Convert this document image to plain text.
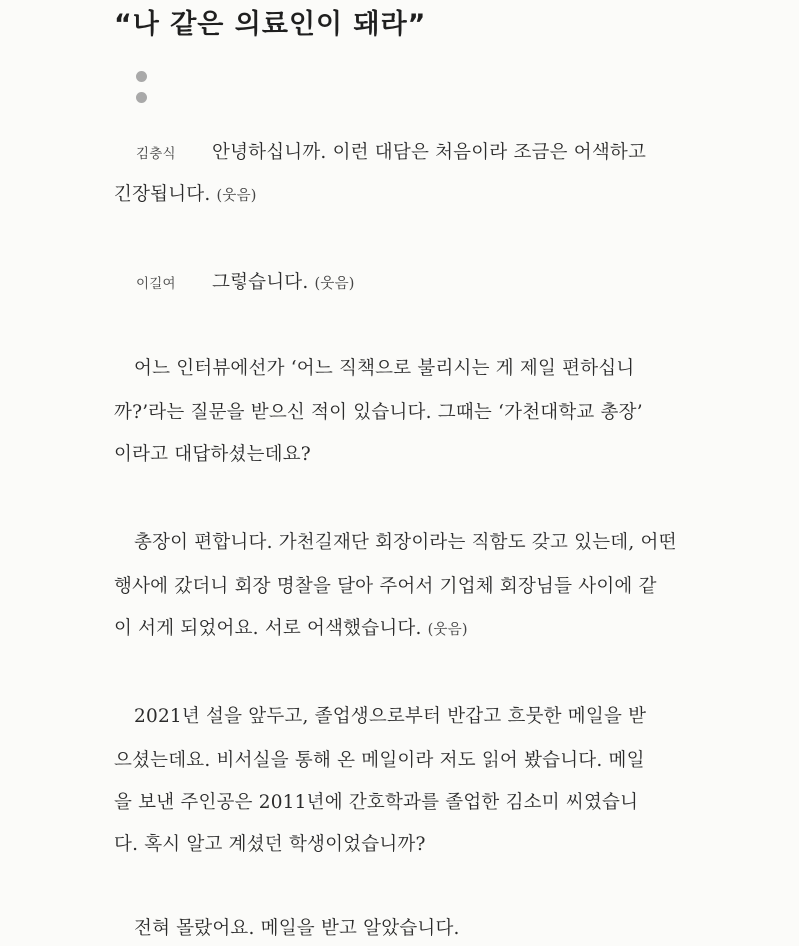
“나 같은 의료인이 돼라”
김충식 안녕하십니까. 이런 대담은 처음이라 조금은 어색하고
긴장됩니다. (웃음)
이길여 그렇습니다. (웃음)
어느 인터뷰에선가 ‘어느 직책으로 불리시는 게 제일 편하십니
까?’라는 질문을 받으신 적이 있습니다. 그때는 ‘가천대학교 총장’
이라고 대답하셨는데요?
총장이 편합니다. 가천길재단 회장이라는 직함도 갖고 있는데, 어떤
행사에 갔더니 회장 명찰을 달아 주어서 기업체 회장님들 사이에 같
이 서게 되었어요. 서로 어색했습니다. (웃음)
2021년 설을 앞두고, 졸업생으로부터 반갑고 흐뭇한 메일을 받
으셨는데요. 비서실을 통해 온 메일이라 저도 읽어 봤습니다. 메일
을 보낸 주인공은 2011년에 간호학과를 졸업한 김소미 씨였습니
다. 혹시 알고 계셨던 학생이었습니까?
전혀 몰랐어요. 메일을 받고 알았습니다.
